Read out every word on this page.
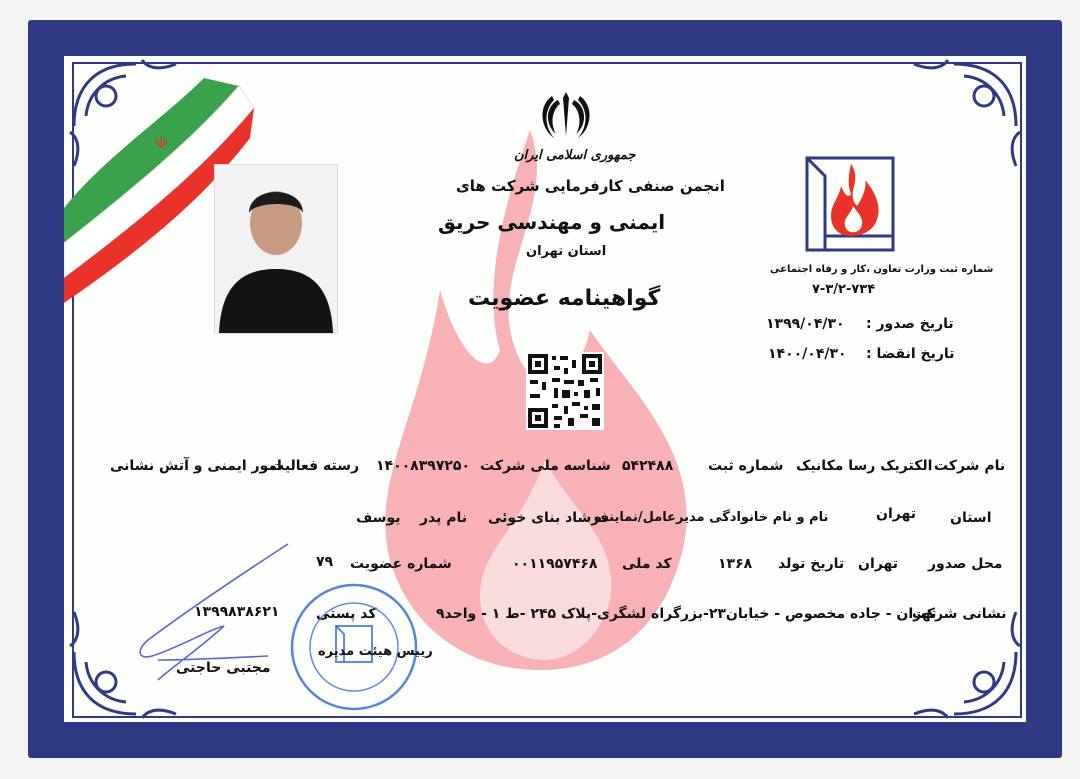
☫
جمهوری اسلامی ایران
انجمن صنفی کارفرمایی شرکت های
ایمنی و مهندسی حریق
استان تهران
گواهینامه عضویت
شماره ثبت وزارت تعاون ،کار و رفاه اجتماعی
۷-۳/۲-۷۳۴
تاریخ صدور :
۱۳۹۹/۰۴/۳۰
تاریخ انقضا :
۱۴۰۰/۰۴/۳۰
نام شرکت
الکتریک رسا مکانیک
شماره ثبت
۵۴۲۴۸۸
شناسه ملی شرکت
۱۴۰۰۸۳۹۷۲۵۰
رسته فعالیت
امور ایمنی و آتش نشانی
استان
تهران
نام و نام خانوادگی مدیرعامل/نماینده
فرشاد بنای خوئی
نام پدر
یوسف
محل صدور
تهران
تاریخ تولد
۱۳۶۸
کد ملی
۰۰۱۱۹۵۷۴۶۸
شماره عضویت
۷۹
نشانی شرکت
تهران - جاده مخصوص - خیابان۲۳-بزرگراه لشگری-پلاک ۲۴۵ -ط ۱ - واحد۹
کد پستی
۱۳۹۹۸۳۸۶۲۱
رییس هیئت مدیره
مجتبی حاجتی
